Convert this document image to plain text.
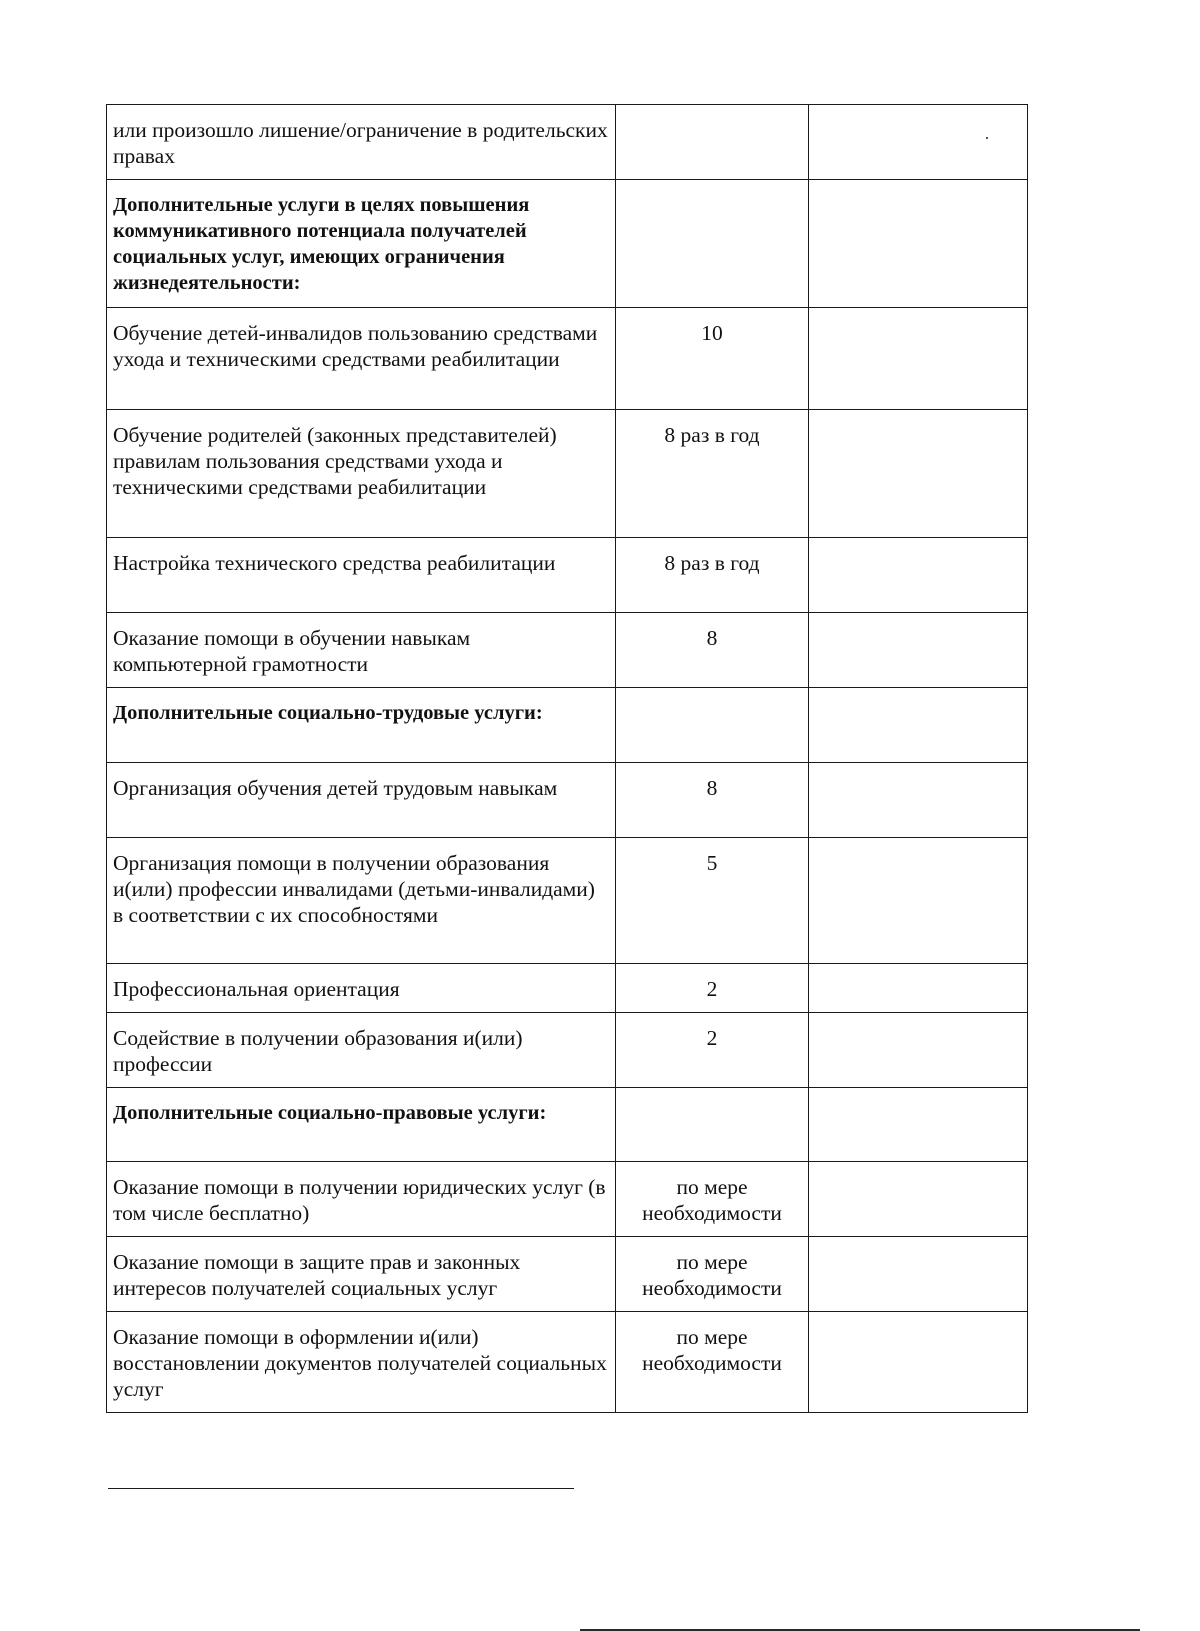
или произошло лишение/ограничение в родительских правах		
Дополнительные услуги в целях повышения коммуникативного потенциала получателей социальных услуг, имеющих ограничения жизнедеятельности:		
Обучение детей-инвалидов пользованию средствами ухода и техническими средствами реабилитации	10	
Обучение родителей (законных представителей) правилам пользования средствами ухода и техническими средствами реабилитации	8 раз в год	
Настройка технического средства реабилитации	8 раз в год	
Оказание помощи в обучении навыкам компьютерной грамотности	8	
Дополнительные социально-трудовые услуги:		
Организация обучения детей трудовым навыкам	8	
Организация помощи в получении образования и(или) профессии инвалидами (детьми-инвалидами) в соответствии с их способностями	5	
Профессиональная ориентация	2	
Содействие в получении образования и(или) профессии	2	
Дополнительные социально-правовые услуги:		
Оказание помощи в получении юридических услуг (в том числе бесплатно)	по мере необходимости	
Оказание помощи в защите прав и законных интересов получателей социальных услуг	по мере необходимости	
Оказание помощи в оформлении и(или) восстановлении документов получателей социальных услуг	по мере необходимости	
